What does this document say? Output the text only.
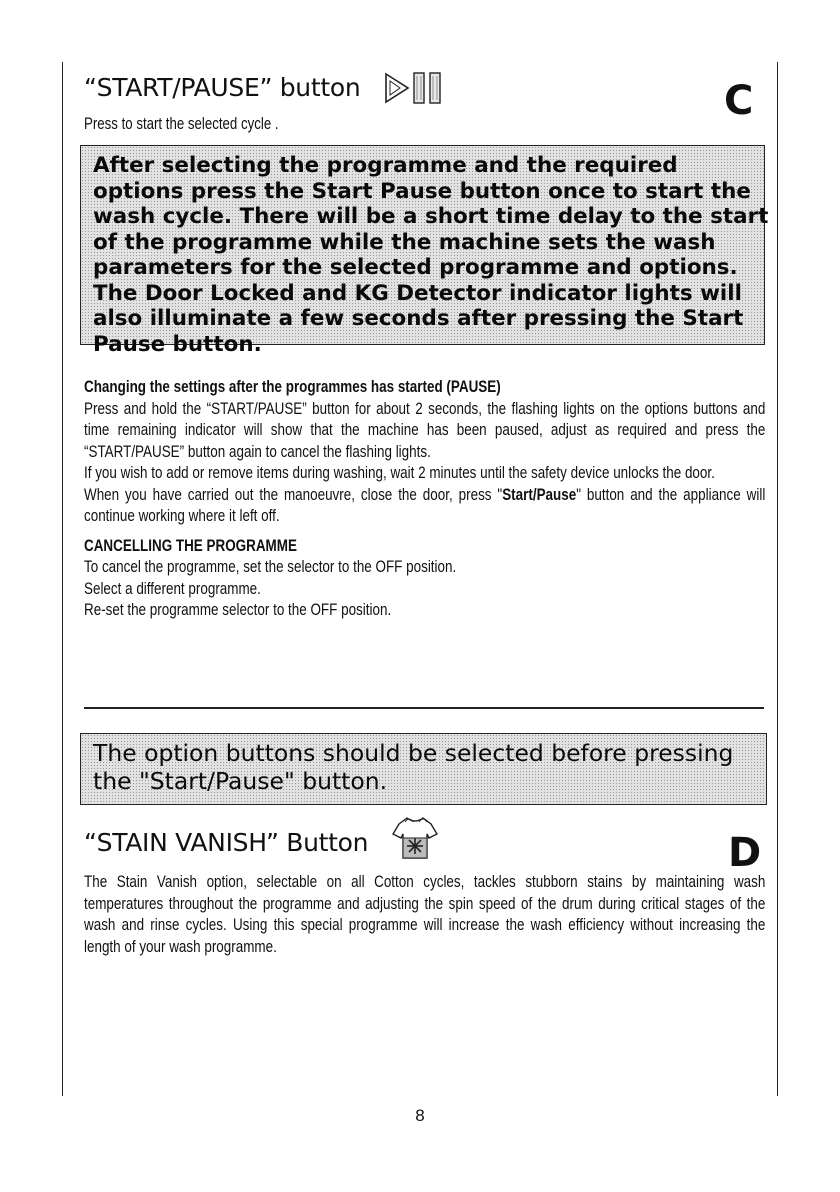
“START/PAUSE” button	C
Press to start the selected cycle .
After selecting the programme and the required options press the Start Pause button once to start the wash cycle. There will be a short time delay to the start of the programme while the machine sets the wash parameters for the selected programme and options. The Door Locked and KG Detector indicator lights will also illuminate a few seconds after pressing the Start Pause button.
Changing the settings after the programmes has started (PAUSE)
Press and hold the “START/PAUSE” button for about 2 seconds, the flashing lights on the options buttons and time remaining indicator will show that the machine has been paused, adjust as required and press the “START/PAUSE” button again to cancel the flashing lights.
If you wish to add or remove items during washing, wait 2 minutes until the safety device unlocks the door.
When you have carried out the manoeuvre, close the door, press "Start/Pause" button and the appliance will continue working where it left off.
CANCELLING THE PROGRAMME
To cancel the programme, set the selector to the OFF position.
Select a different programme.
Re-set the programme selector to the OFF position.
The option buttons should be selected before pressing the "Start/Pause" button.
“STAIN VANISH” Button	D
The Stain Vanish option, selectable on all Cotton cycles, tackles stubborn stains by maintaining wash temperatures throughout the programme and adjusting the spin speed of the drum during critical stages of the wash and rinse cycles. Using this special programme will increase the wash efficiency without increasing the length of your wash programme.
8
